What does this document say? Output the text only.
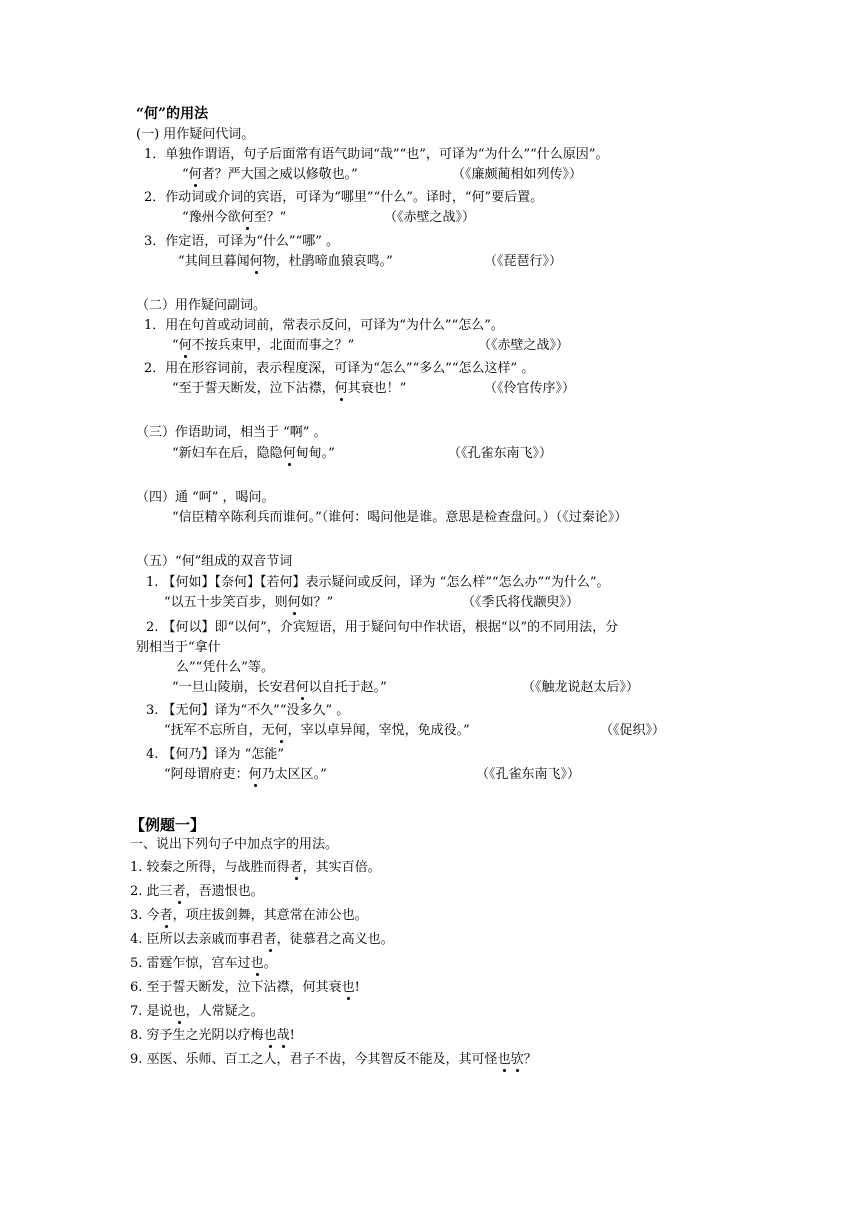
“何”的用法
(一) 用作疑问代词。
1．单独作谓语，句子后面常有语气助词“哉”“也”，可译为“为什么”“什么原因”。
“何者？严大国之威以修敬也。”	（《廉颇蔺相如列传》）
2．作动词或介词的宾语，可译为“哪里”“什么”。译时，“何”要后置。
“豫州今欲何至？”	（《赤壁之战》）
3．作定语，可译为“什么”“哪” 。
“其间旦暮闻何物，杜鹃啼血猿哀鸣。”	（《琵琶行》）
（二）用作疑问副词。
1．用在句首或动词前，常表示反问，可译为“为什么”“怎么”。
“何不按兵束甲，北面而事之？”	（《赤壁之战》）
2．用在形容词前，表示程度深，可译为“怎么”“多么”“怎么这样” 。
“至于誓天断发，泣下沾襟，何其衰也！”	（《伶官传序》）
（三）作语助词，相当于 “啊” 。
“新妇车在后，隐隐何甸甸。”	（《孔雀东南飞》）
（四）通 “呵” ，喝问。
“信臣精卒陈利兵而谁何。”（谁何：喝问他是谁。意思是检查盘问。）（《过秦论》）
（五）“何”组成的双音节词
1. 【何如】【奈何】【若何】表示疑问或反问，译为 “怎么样”“怎么办”“为什么”。
“以五十步笑百步，则何如？”	（《季氏将伐颛臾》）
2. 【何以】即“以何”，介宾短语，用于疑问句中作状语，根据“以”的不同用法，分
别相当于“拿什
么”“凭什么”等。
“一旦山陵崩，长安君何以自托于赵。”	（《触龙说赵太后》）
3. 【无何】译为“不久”“没多久” 。
“抚军不忘所自，无何，宰以卓异闻，宰悦，免成役。”	（《促织》）
4. 【何乃】译为 “怎能”
“阿母谓府吏：何乃太区区。”	（《孔雀东南飞》）
【例题一】
一、说出下列句子中加点字的用法。
1. 较秦之所得，与战胜而得者，其实百倍。
2. 此三者，吾遗恨也。
3. 今者，项庄拔剑舞，其意常在沛公也。
4. 臣所以去亲戚而事君者，徒慕君之高义也。
5. 雷霆乍惊，宫车过也。
6. 至于誓天断发，泣下沾襟，何其衰也!
7. 是说也，人常疑之。
8. 穷予生之光阴以疗梅也哉!
9. 巫医、乐师、百工之人，君子不齿，今其智反不能及，其可怪也欤？
